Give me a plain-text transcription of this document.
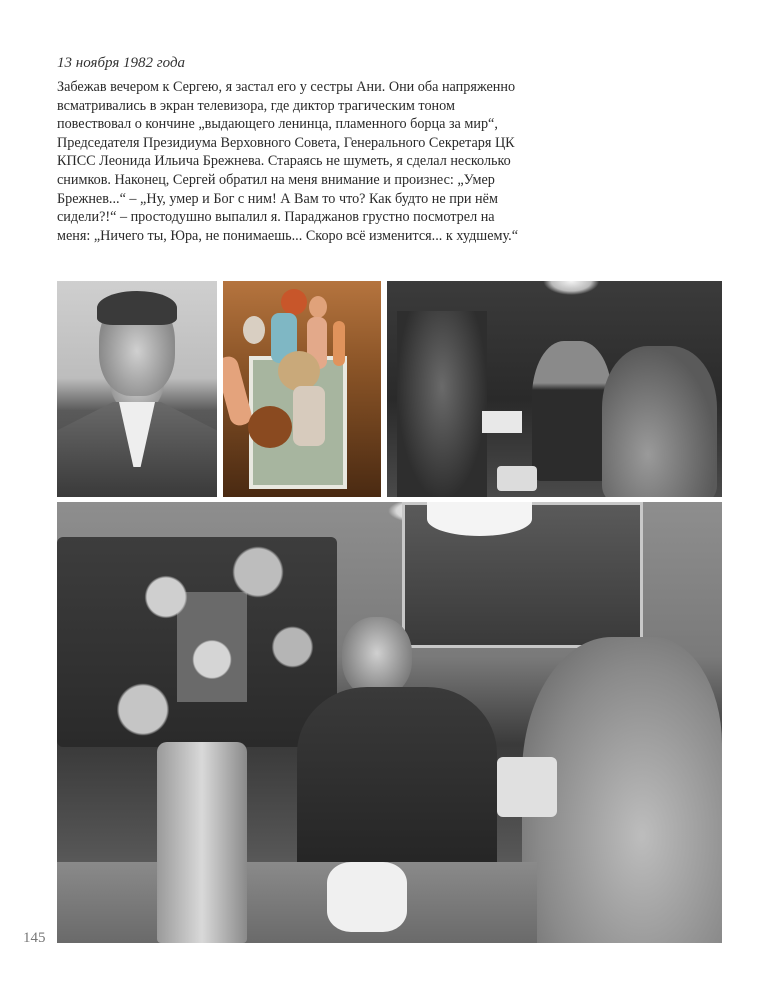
13 ноября 1982 года

Забежав вечером к Сергею, я застал его у сестры Ани. Они оба напряженно всматривались в экран телевизора, где диктор трагическим тоном повествовал о кончине „выдающего ленинца, пламенного борца за мир“, Председателя Президиума Верховного Совета, Генерального Секретаря ЦК КПСС Леонида Ильича Брежнева. Стараясь не шуметь, я сделал несколько снимков. Наконец, Сергей обратил на меня внимание и произнес: „Умер Брежнев...“ – „Ну, умер и Бог с ним! А Вам то что? Как будто не при нём сидели?!“ – простодушно выпалил я. Параджанов грустно посмотрел на меня: „Ничего ты, Юра, не понимаешь... Скоро всё изменится... к худшему.“

145
